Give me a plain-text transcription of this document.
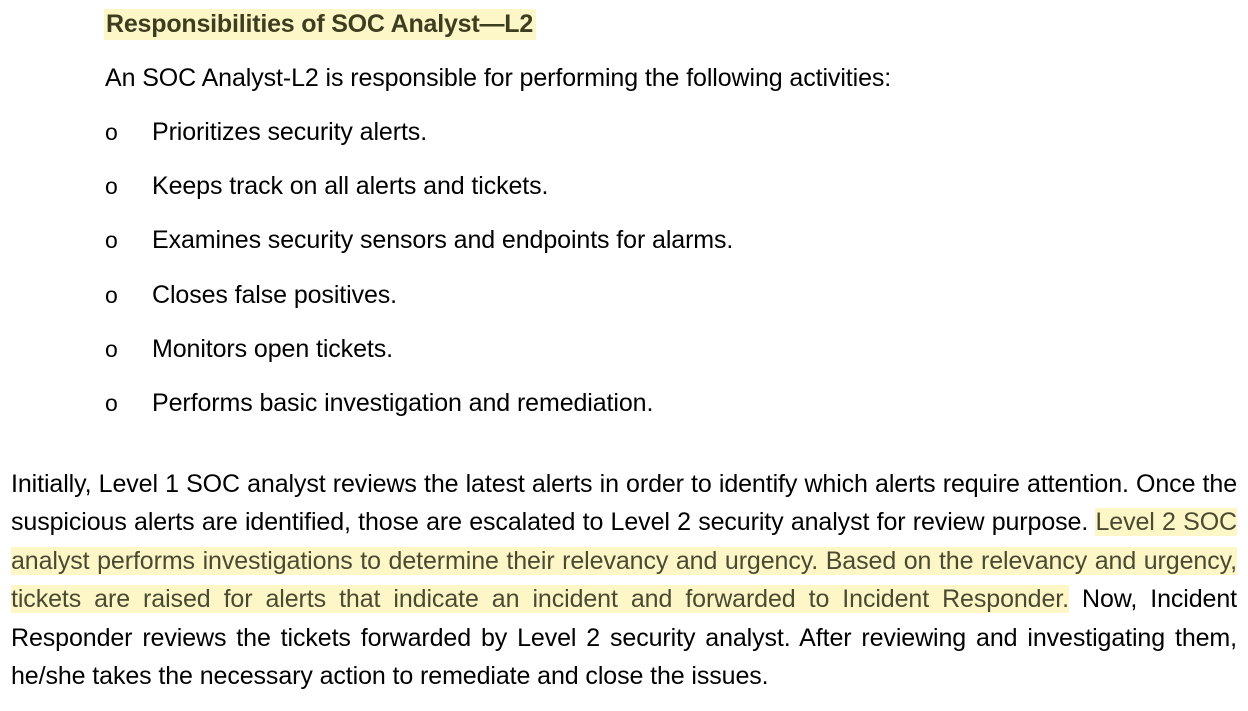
Responsibilities of SOC Analyst—L2
An SOC Analyst-L2 is responsible for performing the following activities:
o Prioritizes security alerts.
o Keeps track on all alerts and tickets.
o Examines security sensors and endpoints for alarms.
o Closes false positives.
o Monitors open tickets.
o Performs basic investigation and remediation.

Initially, Level 1 SOC analyst reviews the latest alerts in order to identify which alerts require attention. Once the suspicious alerts are identified, those are escalated to Level 2 security analyst for review purpose. Level 2 SOC analyst performs investigations to determine their relevancy and urgency. Based on the relevancy and urgency, tickets are raised for alerts that indicate an incident and forwarded to Incident Responder. Now, Incident Responder reviews the tickets forwarded by Level 2 security analyst. After reviewing and investigating them, he/she takes the necessary action to remediate and close the issues.
